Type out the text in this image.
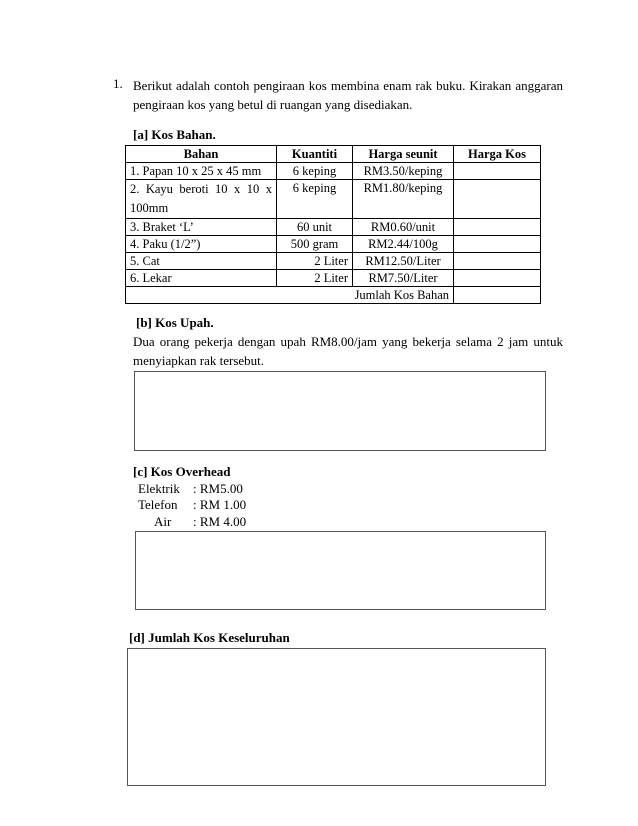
1. Berikut adalah contoh pengiraan kos membina enam rak buku. Kirakan anggaran
pengiraan kos yang betul di ruangan yang disediakan.
[a] Kos Bahan.
Bahan	Kuantiti	Harga seunit	Harga Kos
1. Papan 10 x 25 x 45 mm	6 keping	RM3.50/keping	

2. Kayu beroti 10 x 10 x
100mm	6 keping	RM1.80/keping	
3. Braket ‘L’	60 unit	RM0.60/unit	
4. Paku (1/2”)	500 gram	RM2.44/100g	
5. Cat	2 Liter	RM12.50/Liter	
6. Lekar	2 Liter	RM7.50/Liter	
Jumlah Kos Bahan			
[b] Kos Upah.
Dua orang pekerja dengan upah RM8.00/jam yang bekerja selama 2 jam untuk
menyiapkan rak tersebut.
[c] Kos Overhead
Elektrik : RM5.00
Telefon : RM 1.00
Air : RM 4.00
[d] Jumlah Kos Keseluruhan
